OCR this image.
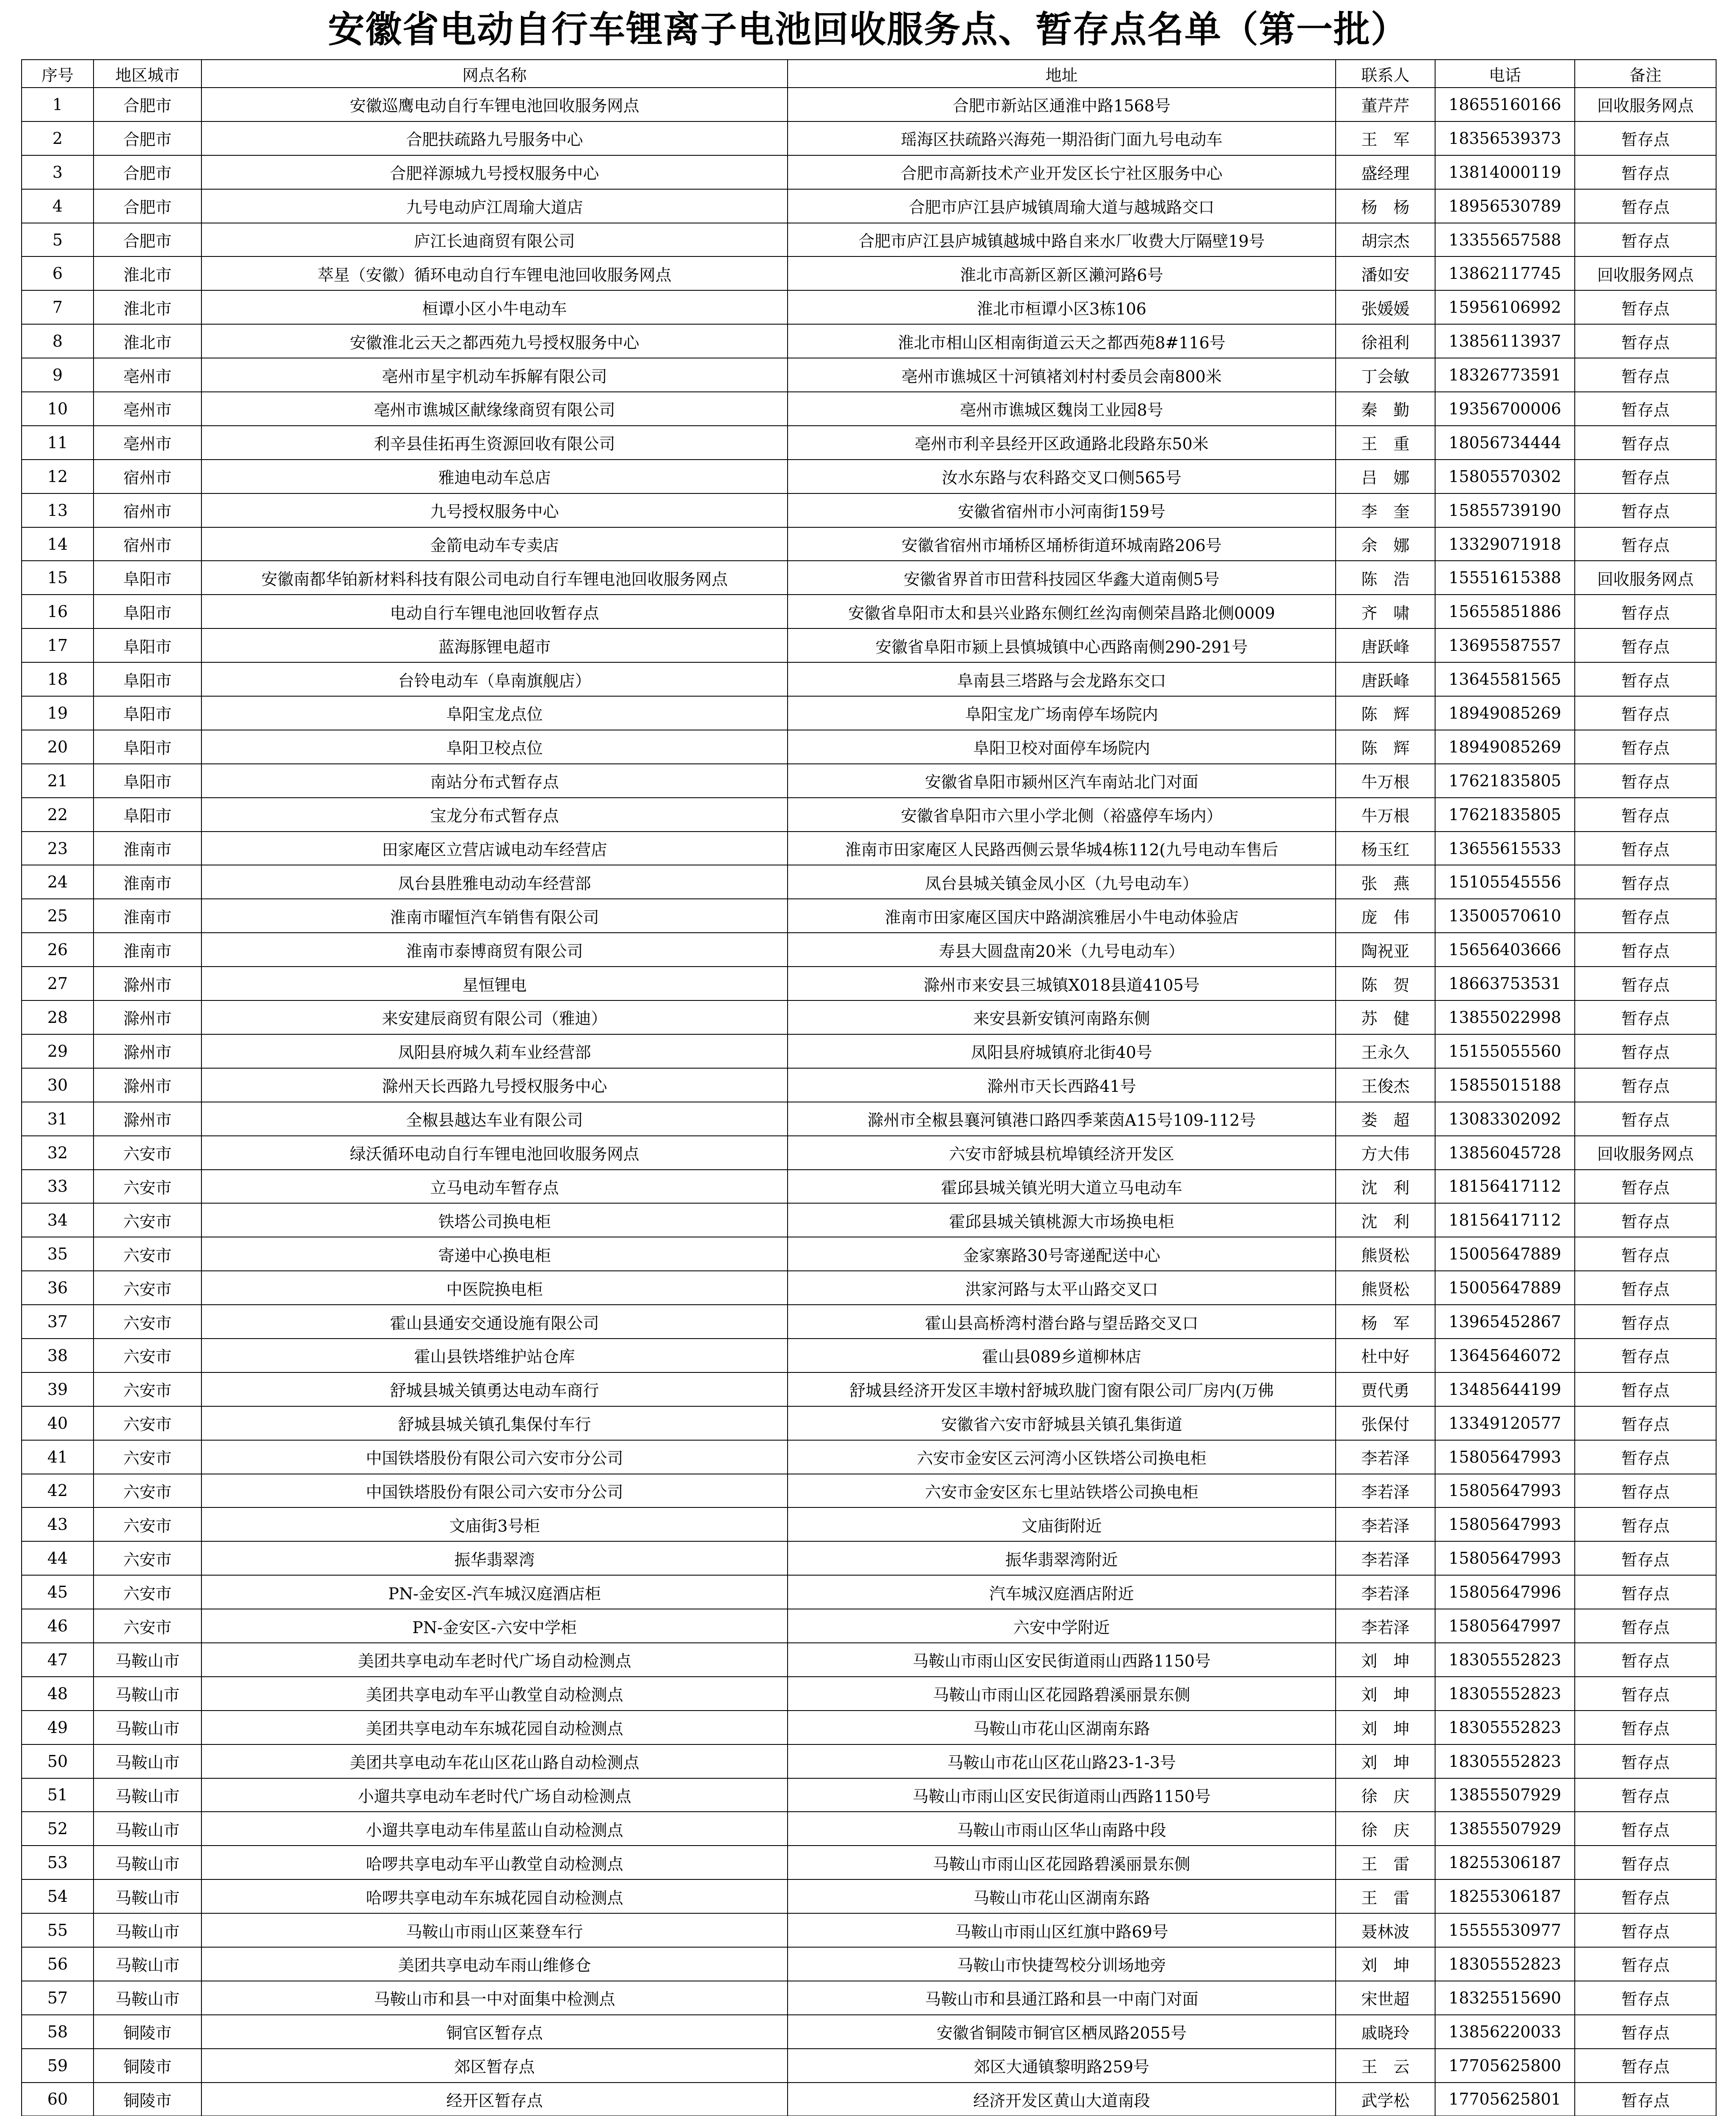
安徽省电动自行车锂离子电池回收服务点、暂存点名单（第一批）
序号	地区城市	网点名称	地址	联系人	电话	备注
1	合肥市	安徽巡鹰电动自行车锂电池回收服务网点	合肥市新站区通淮中路1568号	董芹芹	18655160166	回收服务网点
2	合肥市	合肥扶疏路九号服务中心	瑶海区扶疏路兴海苑一期沿街门面九号电动车	王　军	18356539373	暂存点
3	合肥市	合肥祥源城九号授权服务中心	合肥市高新技术产业开发区长宁社区服务中心	盛经理	13814000119	暂存点
4	合肥市	九号电动庐江周瑜大道店	合肥市庐江县庐城镇周瑜大道与越城路交口	杨　杨	18956530789	暂存点
5	合肥市	庐江长迪商贸有限公司	合肥市庐江县庐城镇越城中路自来水厂收费大厅隔壁19号	胡宗杰	13355657588	暂存点
6	淮北市	萃星（安徽）循环电动自行车锂电池回收服务网点	淮北市高新区新区瀨河路6号	潘如安	13862117745	回收服务网点
7	淮北市	桓谭小区小牛电动车	淮北市桓谭小区3栋106	张媛媛	15956106992	暂存点
8	淮北市	安徽淮北云天之都西苑九号授权服务中心	淮北市相山区相南街道云天之都西苑8#116号	徐祖利	13856113937	暂存点
9	亳州市	亳州市星宇机动车拆解有限公司	亳州市谯城区十河镇褚刘村村委员会南800米	丁会敏	18326773591	暂存点
10	亳州市	亳州市谯城区献缘缘商贸有限公司	亳州市谯城区魏岗工业园8号	秦　勤	19356700006	暂存点
11	亳州市	利辛县佳拓再生资源回收有限公司	亳州市利辛县经开区政通路北段路东50米	王　重	18056734444	暂存点
12	宿州市	雅迪电动车总店	汝水东路与农科路交叉口侧565号	吕　娜	15805570302	暂存点
13	宿州市	九号授权服务中心	安徽省宿州市小河南街159号	李　奎	15855739190	暂存点
14	宿州市	金箭电动车专卖店	安徽省宿州市埇桥区埇桥街道环城南路206号	余　娜	13329071918	暂存点
15	阜阳市	安徽南都华铂新材料科技有限公司电动自行车锂电池回收服务网点	安徽省界首市田营科技园区华鑫大道南侧5号	陈　浩	15551615388	回收服务网点
16	阜阳市	电动自行车锂电池回收暂存点	安徽省阜阳市太和县兴业路东侧红丝沟南侧荣昌路北侧0009	齐　啸	15655851886	暂存点
17	阜阳市	蓝海豚锂电超市	安徽省阜阳市颍上县慎城镇中心西路南侧290-291号	唐跃峰	13695587557	暂存点
18	阜阳市	台铃电动车（阜南旗舰店）	阜南县三塔路与会龙路东交口	唐跃峰	13645581565	暂存点
19	阜阳市	阜阳宝龙点位	阜阳宝龙广场南停车场院内	陈　辉	18949085269	暂存点
20	阜阳市	阜阳卫校点位	阜阳卫校对面停车场院内	陈　辉	18949085269	暂存点
21	阜阳市	南站分布式暂存点	安徽省阜阳市颍州区汽车南站北门对面	牛万根	17621835805	暂存点
22	阜阳市	宝龙分布式暂存点	安徽省阜阳市六里小学北侧（裕盛停车场内）	牛万根	17621835805	暂存点
23	淮南市	田家庵区立营店诚电动车经营店	淮南市田家庵区人民路西侧云景华城4栋112(九号电动车售后	杨玉红	13655615533	暂存点
24	淮南市	凤台县胜雅电动动车经营部	凤台县城关镇金凤小区（九号电动车）	张　燕	15105545556	暂存点
25	淮南市	淮南市曜恒汽车销售有限公司	淮南市田家庵区国庆中路湖滨雅居小牛电动体验店	庞　伟	13500570610	暂存点
26	淮南市	淮南市泰博商贸有限公司	寿县大圆盘南20米（九号电动车）	陶祝亚	15656403666	暂存点
27	滁州市	星恒锂电	滁州市来安县三城镇X018县道4105号	陈　贺	18663753531	暂存点
28	滁州市	来安建辰商贸有限公司（雅迪）	来安县新安镇河南路东侧	苏　健	13855022998	暂存点
29	滁州市	凤阳县府城久莉车业经营部	凤阳县府城镇府北街40号	王永久	15155055560	暂存点
30	滁州市	滁州天长西路九号授权服务中心	滁州市天长西路41号	王俊杰	15855015188	暂存点
31	滁州市	全椒县越达车业有限公司	滁州市全椒县襄河镇港口路四季莱茵A15号109-112号	娄　超	13083302092	暂存点
32	六安市	绿沃循环电动自行车锂电池回收服务网点	六安市舒城县杭埠镇经济开发区	方大伟	13856045728	回收服务网点
33	六安市	立马电动车暂存点	霍邱县城关镇光明大道立马电动车	沈　利	18156417112	暂存点
34	六安市	铁塔公司换电柜	霍邱县城关镇桃源大市场换电柜	沈　利	18156417112	暂存点
35	六安市	寄递中心换电柜	金家寨路30号寄递配送中心	熊贤松	15005647889	暂存点
36	六安市	中医院换电柜	洪家河路与太平山路交叉口	熊贤松	15005647889	暂存点
37	六安市	霍山县通安交通设施有限公司	霍山县高桥湾村潜台路与望岳路交叉口	杨　军	13965452867	暂存点
38	六安市	霍山县铁塔维护站仓库	霍山县089乡道柳林店	杜中好	13645646072	暂存点
39	六安市	舒城县城关镇勇达电动车商行	舒城县经济开发区丰墩村舒城玖胧门窗有限公司厂房内(万佛	贾代勇	13485644199	暂存点
40	六安市	舒城县城关镇孔集保付车行	安徽省六安市舒城县关镇孔集街道	张保付	13349120577	暂存点
41	六安市	中国铁塔股份有限公司六安市分公司	六安市金安区云河湾小区铁塔公司换电柜	李若泽	15805647993	暂存点
42	六安市	中国铁塔股份有限公司六安市分公司	六安市金安区东七里站铁塔公司换电柜	李若泽	15805647993	暂存点
43	六安市	文庙街3号柜	文庙街附近	李若泽	15805647993	暂存点
44	六安市	振华翡翠湾	振华翡翠湾附近	李若泽	15805647993	暂存点
45	六安市	PN-金安区-汽车城汉庭酒店柜	汽车城汉庭酒店附近	李若泽	15805647996	暂存点
46	六安市	PN-金安区-六安中学柜	六安中学附近	李若泽	15805647997	暂存点
47	马鞍山市	美团共享电动车老时代广场自动检测点	马鞍山市雨山区安民街道雨山西路1150号	刘　坤	18305552823	暂存点
48	马鞍山市	美团共享电动车平山教堂自动检测点	马鞍山市雨山区花园路碧溪丽景东侧	刘　坤	18305552823	暂存点
49	马鞍山市	美团共享电动车东城花园自动检测点	马鞍山市花山区湖南东路	刘　坤	18305552823	暂存点
50	马鞍山市	美团共享电动车花山区花山路自动检测点	马鞍山市花山区花山路23-1-3号	刘　坤	18305552823	暂存点
51	马鞍山市	小遛共享电动车老时代广场自动检测点	马鞍山市雨山区安民街道雨山西路1150号	徐　庆	13855507929	暂存点
52	马鞍山市	小遛共享电动车伟星蓝山自动检测点	马鞍山市雨山区华山南路中段	徐　庆	13855507929	暂存点
53	马鞍山市	哈啰共享电动车平山教堂自动检测点	马鞍山市雨山区花园路碧溪丽景东侧	王　雷	18255306187	暂存点
54	马鞍山市	哈啰共享电动车东城花园自动检测点	马鞍山市花山区湖南东路	王　雷	18255306187	暂存点
55	马鞍山市	马鞍山市雨山区莱登车行	马鞍山市雨山区红旗中路69号	聂林波	15555530977	暂存点
56	马鞍山市	美团共享电动车雨山维修仓	马鞍山市快捷驾校分训场地旁	刘　坤	18305552823	暂存点
57	马鞍山市	马鞍山市和县一中对面集中检测点	马鞍山市和县通江路和县一中南门对面	宋世超	18325515690	暂存点
58	铜陵市	铜官区暂存点	安徽省铜陵市铜官区栖凤路2055号	戚晓玲	13856220033	暂存点
59	铜陵市	郊区暂存点	郊区大通镇黎明路259号	王　云	17705625800	暂存点
60	铜陵市	经开区暂存点	经济开发区黄山大道南段	武学松	17705625801	暂存点
